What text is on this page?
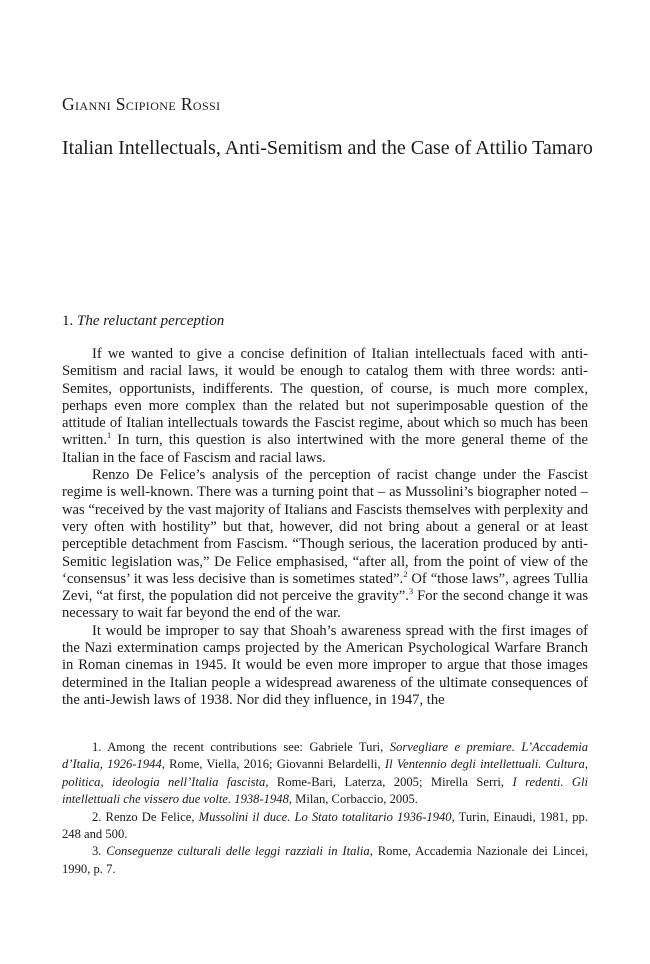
Gianni Scipione Rossi
Italian Intellectuals, Anti-Semitism and the Case of Attilio Tamaro
1. The reluctant perception

If we wanted to give a concise definition of Italian intellectuals faced with anti-Semitism and racial laws, it would be enough to catalog them with three words: anti-Semites, opportunists, indifferents. The question, of course, is much more complex, perhaps even more complex than the related but not superimposable question of the attitude of Italian intellectuals towards the Fascist regime, about which so much has been written.$^1$ In turn, this question is also intertwined with the more general theme of the Italian in the face of Fascism and racial laws.

Renzo De Felice’s analysis of the perception of racist change under the Fascist regime is well-known. There was a turning point that – as Mussolini’s biographer noted – was “received by the vast majority of Italians and Fascists themselves with perplexity and very often with hostility” but that, however, did not bring about a general or at least perceptible detachment from Fascism. “Though serious, the laceration produced by anti-Semitic legislation was,” De Felice emphasised, “after all, from the point of view of the ‘consensus’ it was less decisive than is sometimes stated”.$^2$ Of “those laws”, agrees Tullia Zevi, “at first, the population did not perceive the gravity”.$^3$ For the second change it was necessary to wait far beyond the end of the war.

It would be improper to say that Shoah’s awareness spread with the first images of the Nazi extermination camps projected by the American Psychological Warfare Branch in Roman cinemas in 1945. It would be even more improper to argue that those images determined in the Italian people a widespread awareness of the ultimate consequences of the anti-Jewish laws of 1938. Nor did they influence, in 1947, the

1. Among the recent contributions see: Gabriele Turi, Sorvegliare e premiare. L’Accademia d’Italia, 1926-1944, Rome, Viella, 2016; Giovanni Belardelli, Il Ventennio degli intellettuali. Cultura, politica, ideologia nell’Italia fascista, Rome-Bari, Laterza, 2005; Mirella Serri, I redenti. Gli intellettuali che vissero due volte. 1938-1948, Milan, Corbaccio, 2005.

2. Renzo De Felice, Mussolini il duce. Lo Stato totalitario 1936-1940, Turin, Einaudi, 1981, pp. 248 and 500.

3. Conseguenze culturali delle leggi razziali in Italia, Rome, Accademia Nazionale dei Lincei, 1990, p. 7.
